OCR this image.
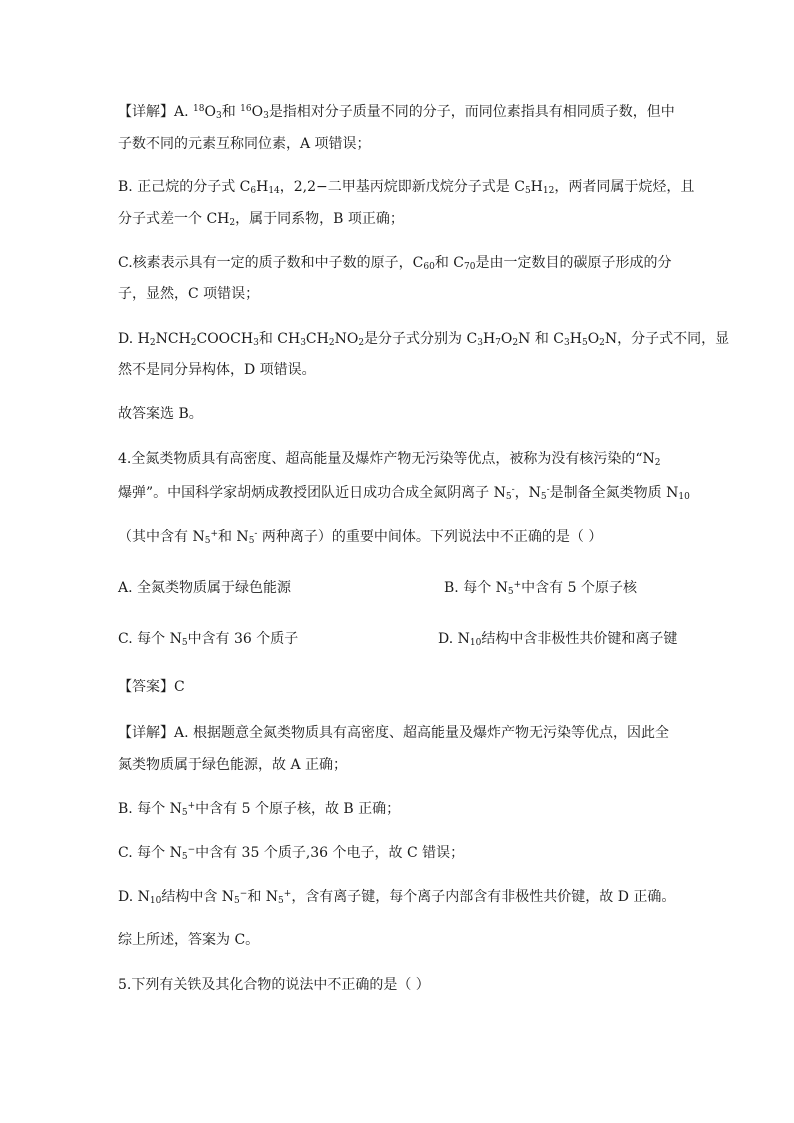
【详解】A. $^{18}O_3$和 $^{16}O_3$是指相对分子质量不同的分子，而同位素指具有相同质子数，但中
子数不同的元素互称同位素，A 项错误；
B. 正己烷的分子式 $C_6H_{14}$，2,2−二甲基丙烷即新戊烷分子式是 $C_5H_{12}$，两者同属于烷烃，且
分子式差一个 $CH_2$，属于同系物，B 项正确；
C.核素表示具有一定的质子数和中子数的原子，$C_{60}$和 $C_{70}$是由一定数目的碳原子形成的分
子，显然，C 项错误；
D. $H_2NCH_2COOCH_3$和 $CH_3CH_2NO_2$是分子式分别为 $C_3H_7O_2N$ 和 $C_3H_5O_2N$，分子式不同，显
然不是同分异构体，D 项错误。
故答案选 B。
4.全氮类物质具有高密度、超高能量及爆炸产物无污染等优点，被称为没有核污染的“$N_2$
爆弹”。中国科学家胡炳成教授团队近日成功合成全氮阴离子 $N_5^-$，$N_5^-$是制备全氮类物质 $N_{10}$
（其中含有 $N_5^+$和 $N_5^-$ 两种离子）的重要中间体。下列说法中不正确的是（ ）
A. 全氮类物质属于绿色能源	B. 每个 $N_5^+$中含有 5 个原子核
C. 每个 $N_5$中含有 36 个质子	D. $N_{10}$结构中含非极性共价键和离子键
【答案】C
【详解】A. 根据题意全氮类物质具有高密度、超高能量及爆炸产物无污染等优点，因此全
氮类物质属于绿色能源，故 A 正确；
B. 每个 $N_5^+$中含有 5 个原子核，故 B 正确；
C. 每个 $N_5^-$中含有 35 个质子,36 个电子，故 C 错误；
D. $N_{10}$结构中含 $N_5^-$和 $N_5^+$，含有离子键，每个离子内部含有非极性共价键，故 D 正确。
综上所述，答案为 C。
5.下列有关铁及其化合物的说法中不正确的是（ ）
